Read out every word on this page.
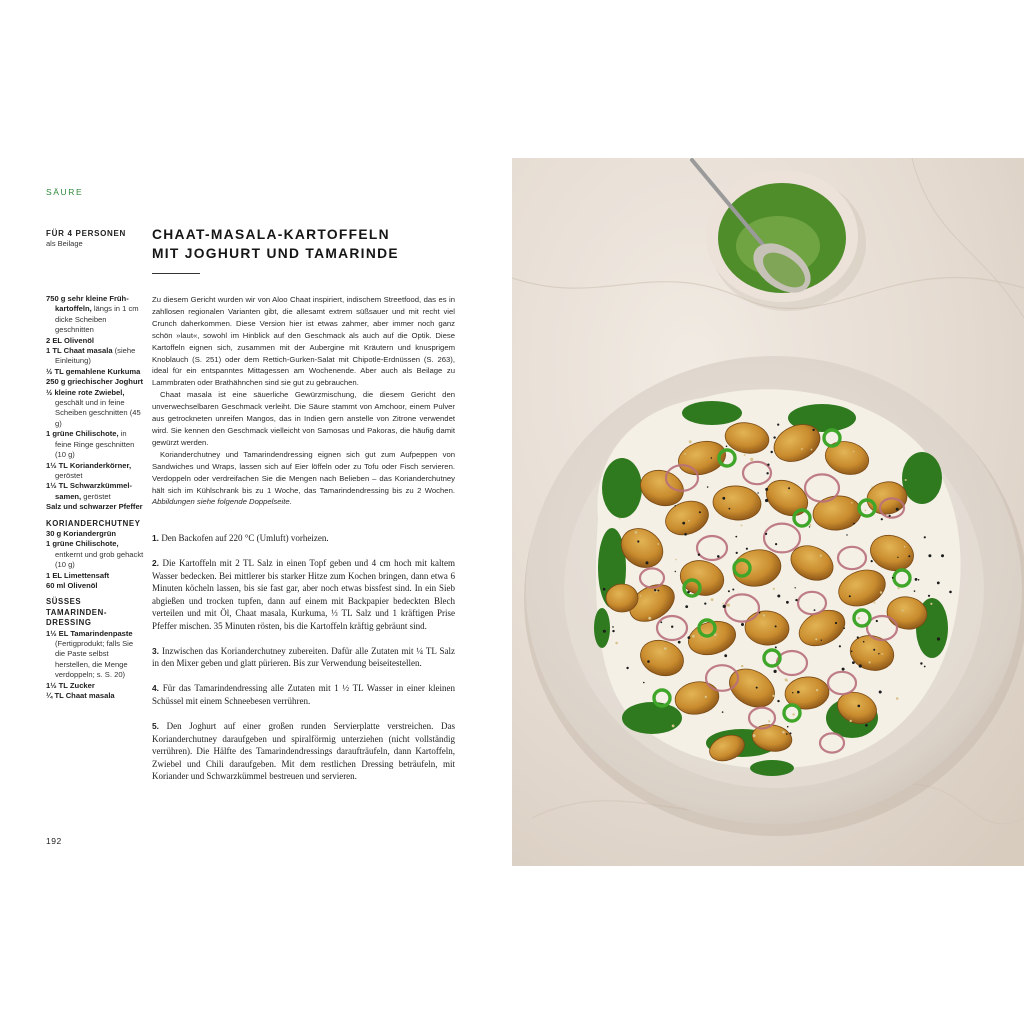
SÄURE
FÜR 4 PERSONEN
als Beilage
750 g sehr kleine Frühkartoffeln, längs in 1 cm dicke Scheiben geschnitten
2 EL Olivenöl
1 TL Chaat masala (siehe Einleitung)
½ TL gemahlene Kurkuma
250 g griechischer Joghurt
½ kleine rote Zwiebel, geschält und in feine Scheiben geschnitten (45 g)
1 grüne Chilischote, in feine Ringe geschnitten (10 g)
1½ TL Korianderkörner, geröstet
1½ TL Schwarzkümmelsamen, geröstet
Salz und schwarzer Pfeffer
KORIANDERCHUTNEY
30 g Koriandergrün
1 grüne Chilischote, entkernt und grob gehackt (10 g)
1 EL Limettensaft
60 ml Olivenöl
SÜSSES TAMARINDENDRESSING
1½ EL Tamarindenpaste (Fertigprodukt; falls Sie die Paste selbst herstellen, die Menge verdoppeln; s. S. 20)
1½ TL Zucker
¼ TL Chaat masala
CHAAT-MASALA-KARTOFFELN
MIT JOGHURT UND TAMARINDE

Zu diesem Gericht wurden wir von Aloo Chaat inspiriert, indischem Streetfood, das es in zahllosen regionalen Varianten gibt, die allesamt extrem süßsauer und mit recht viel Crunch daherkommen. Diese Version hier ist etwas zahmer, aber immer noch ganz schön »laut«, sowohl im Hinblick auf den Geschmack als auch auf die Optik. Diese Kartoffeln eignen sich, zusammen mit der Aubergine mit Kräutern und knusprigem Knoblauch (S. 251) oder dem Rettich-Gurken-Salat mit Chipotle-Erdnüssen (S. 263), ideal für ein entspanntes Mittagessen am Wochenende. Aber auch als Beilage zu Lammbraten oder Brathähnchen sind sie gut zu gebrauchen.

Chaat masala ist eine säuerliche Gewürzmischung, die diesem Gericht den unverwechselbaren Geschmack verleiht. Die Säure stammt von Amchoor, einem Pulver aus getrockneten unreifen Mangos, das in Indien gern anstelle von Zitrone verwendet wird. Sie kennen den Geschmack vielleicht von Samosas und Pakoras, die häufig damit gewürzt werden.

Korianderchutney und Tamarindendressing eignen sich gut zum Aufpeppen von Sandwiches und Wraps, lassen sich auf Eier löffeln oder zu Tofu oder Fisch servieren. Verdoppeln oder verdreifachen Sie die Mengen nach Belieben – das Korianderchutney hält sich im Kühlschrank bis zu 1 Woche, das Tamarindendressing bis zu 2 Wochen. Abbildungen siehe folgende Doppelseite.

1. Den Backofen auf 220 °C (Umluft) vorheizen.

2. Die Kartoffeln mit 2 TL Salz in einen Topf geben und 4 cm hoch mit kaltem Wasser bedecken. Bei mittlerer bis starker Hitze zum Kochen bringen, dann etwa 6 Minuten köcheln lassen, bis sie fast gar, aber noch etwas bissfest sind. In ein Sieb abgießen und trocken tupfen, dann auf einem mit Backpapier bedeckten Blech verteilen und mit Öl, Chaat masala, Kurkuma, ⅓ TL Salz und 1 kräftigen Prise Pfeffer mischen. 35 Minuten rösten, bis die Kartoffeln kräftig gebräunt sind.

3. Inzwischen das Korianderchutney zubereiten. Dafür alle Zutaten mit ¼ TL Salz in den Mixer geben und glatt pürieren. Bis zur Verwendung beiseitestellen.

4. Für das Tamarindendressing alle Zutaten mit 1 ½ TL Wasser in einer kleinen Schüssel mit einem Schneebesen verrühren.

5. Den Joghurt auf einer großen runden Servierplatte verstreichen. Das Korianderchutney daraufgeben und spiralförmig unterziehen (nicht vollständig verrühren). Die Hälfte des Tamarindendressings daraufträufeln, dann Kartoffeln, Zwiebel und Chili daraufgeben. Mit dem restlichen Dressing beträufeln, mit Koriander und Schwarzkümmel bestreuen und servieren.

192
